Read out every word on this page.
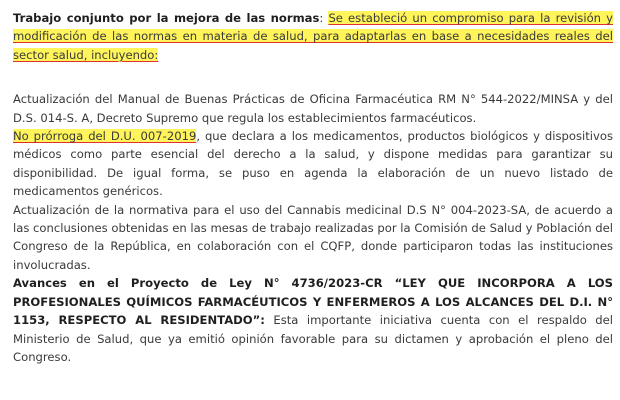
Trabajo conjunto por la mejora de las normas: Se estableció un compromiso para la revisión y modificación de las normas en materia de salud, para adaptarlas en base a necesidades reales del sector salud, incluyendo:

Actualización del Manual de Buenas Prácticas de Oficina Farmacéutica RM N° 544-2022/MINSA y del D.S. 014-S. A, Decreto Supremo que regula los establecimientos farmacéuticos.

No prórroga del D.U. 007-2019, que declara a los medicamentos, productos biológicos y dispositivos médicos como parte esencial del derecho a la salud, y dispone medidas para garantizar su disponibilidad. De igual forma, se puso en agenda la elaboración de un nuevo listado de medicamentos genéricos.

Actualización de la normativa para el uso del Cannabis medicinal D.S N° 004-2023-SA, de acuerdo a las conclusiones obtenidas en las mesas de trabajo realizadas por la Comisión de Salud y Población del Congreso de la República, en colaboración con el CQFP, donde participaron todas las instituciones involucradas.

Avances en el Proyecto de Ley N° 4736/2023-CR “LEY QUE INCORPORA A LOS PROFESIONALES QUÍMICOS FARMACÉUTICOS Y ENFERMEROS A LOS ALCANCES DEL D.I. N° 1153, RESPECTO AL RESIDENTADO”: Esta importante iniciativa cuenta con el respaldo del Ministerio de Salud, que ya emitió opinión favorable para su dictamen y aprobación el pleno del Congreso.
